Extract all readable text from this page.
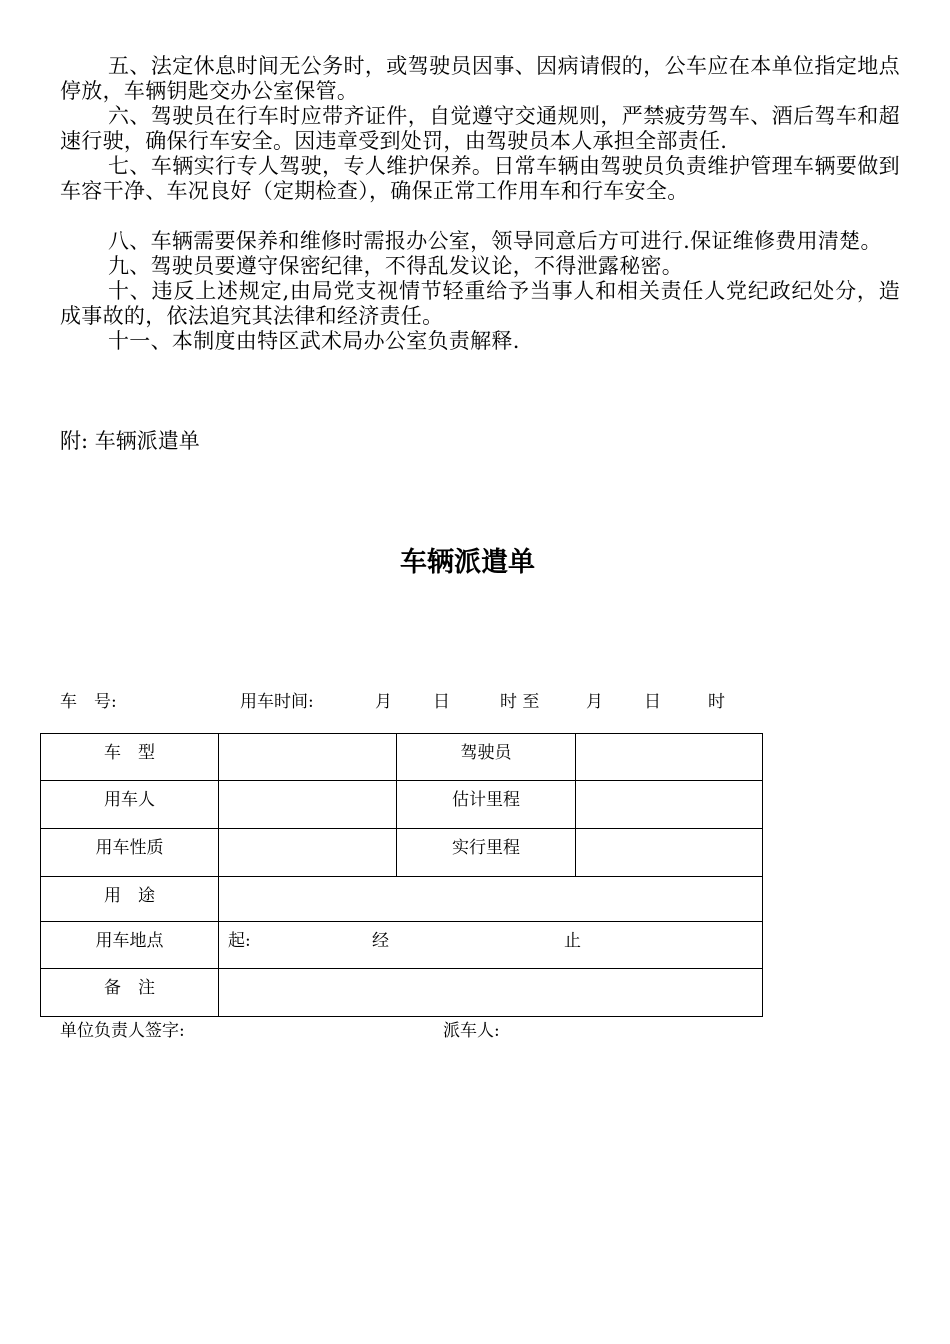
五、法定休息时间无公务时，或驾驶员因事、因病请假的，公车应在本单位指定地点停放，车辆钥匙交办公室保管。

六、驾驶员在行车时应带齐证件，自觉遵守交通规则，严禁疲劳驾车、酒后驾车和超速行驶，确保行车安全。因违章受到处罚，由驾驶员本人承担全部责任.

七、车辆实行专人驾驶，专人维护保养。日常车辆由驾驶员负责维护管理车辆要做到车容干净、车况良好（定期检查），确保正常工作用车和行车安全。

八、车辆需要保养和维修时需报办公室，领导同意后方可进行.保证维修费用清楚。

九、驾驶员要遵守保密纪律，不得乱发议论，不得泄露秘密。

十、违反上述规定,由局党支视情节轻重给予当事人和相关责任人党纪政纪处分，造成事故的，依法追究其法律和经济责任。

十一、本制度由特区武术局办公室负责解释.

附: 车辆派遣单
车辆派遣单
车　号:	用车时间:	月 日	时 至	月 日	时
车　型		驾驶员	
用车人		估计里程	
用车性质		实行里程	
用　途			
用车地点	起: 经 止		

备　注			
单位负责人签字:	派车人:
